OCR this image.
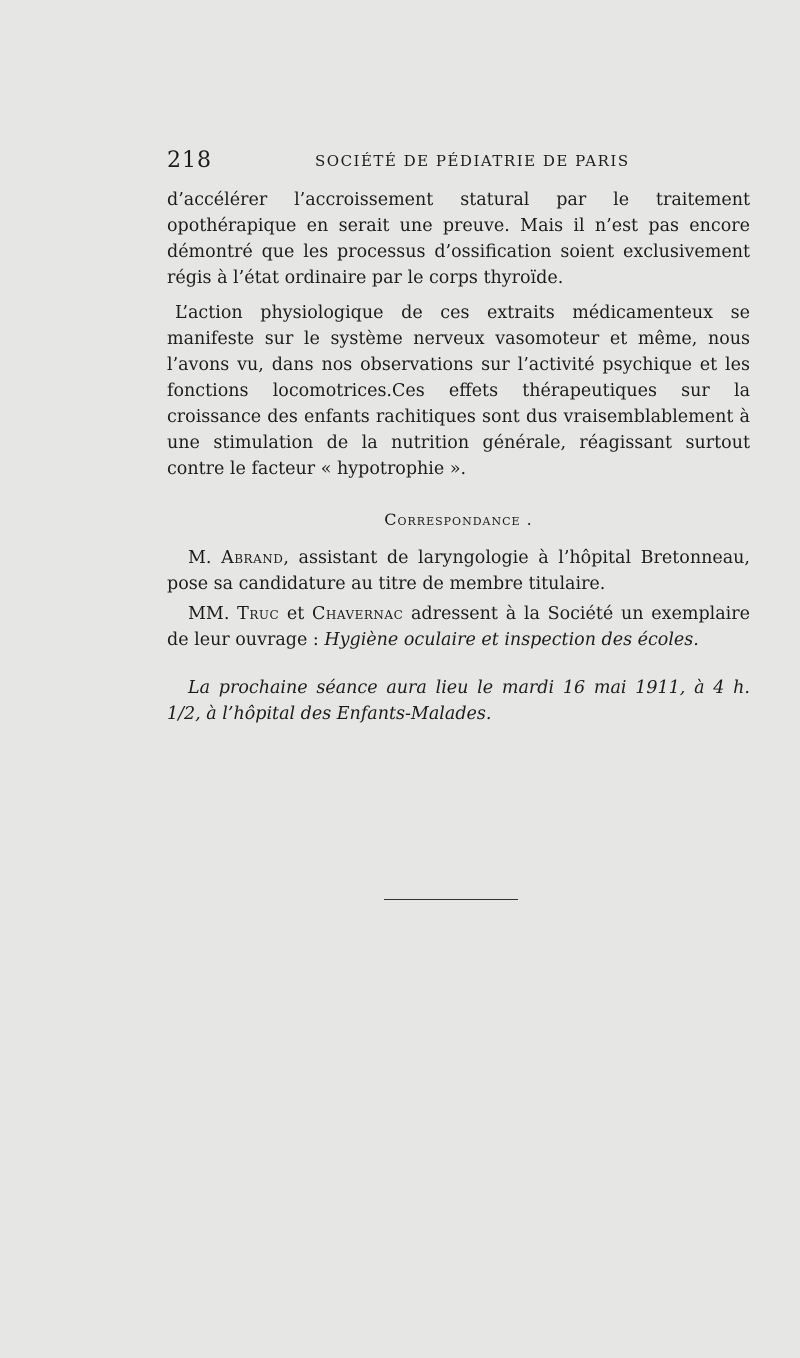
218	SOCIÉTÉ DE PÉDIATRIE DE PARIS

d’accélérer l’accroissement statural par le traitement opothérapique en serait une preuve. Mais il n’est pas encore démontré que les processus d’ossification soient exclusivement régis à l’état ordinaire par le corps thyroïde.

L’action physiologique de ces extraits médicamenteux se manifeste sur le système nerveux vasomoteur et même, nous l’avons vu, dans nos observations sur l’activité psychique et les fonctions locomotrices.Ces effets thérapeutiques sur la croissance des enfants rachitiques sont dus vraisemblablement à une stimulation de la nutrition générale, réagissant surtout contre le facteur « hypotrophie ».

Correspondance .

M. Abrand, assistant de laryngologie à l’hôpital Bretonneau, pose sa candidature au titre de membre titulaire.

MM. Truc et Chavernac adressent à la Société un exemplaire de leur ouvrage : Hygiène oculaire et inspection des écoles.

La prochaine séance aura lieu le mardi 16 mai 1911, à 4 h. 1/2, à l’hôpital des Enfants-Malades.
